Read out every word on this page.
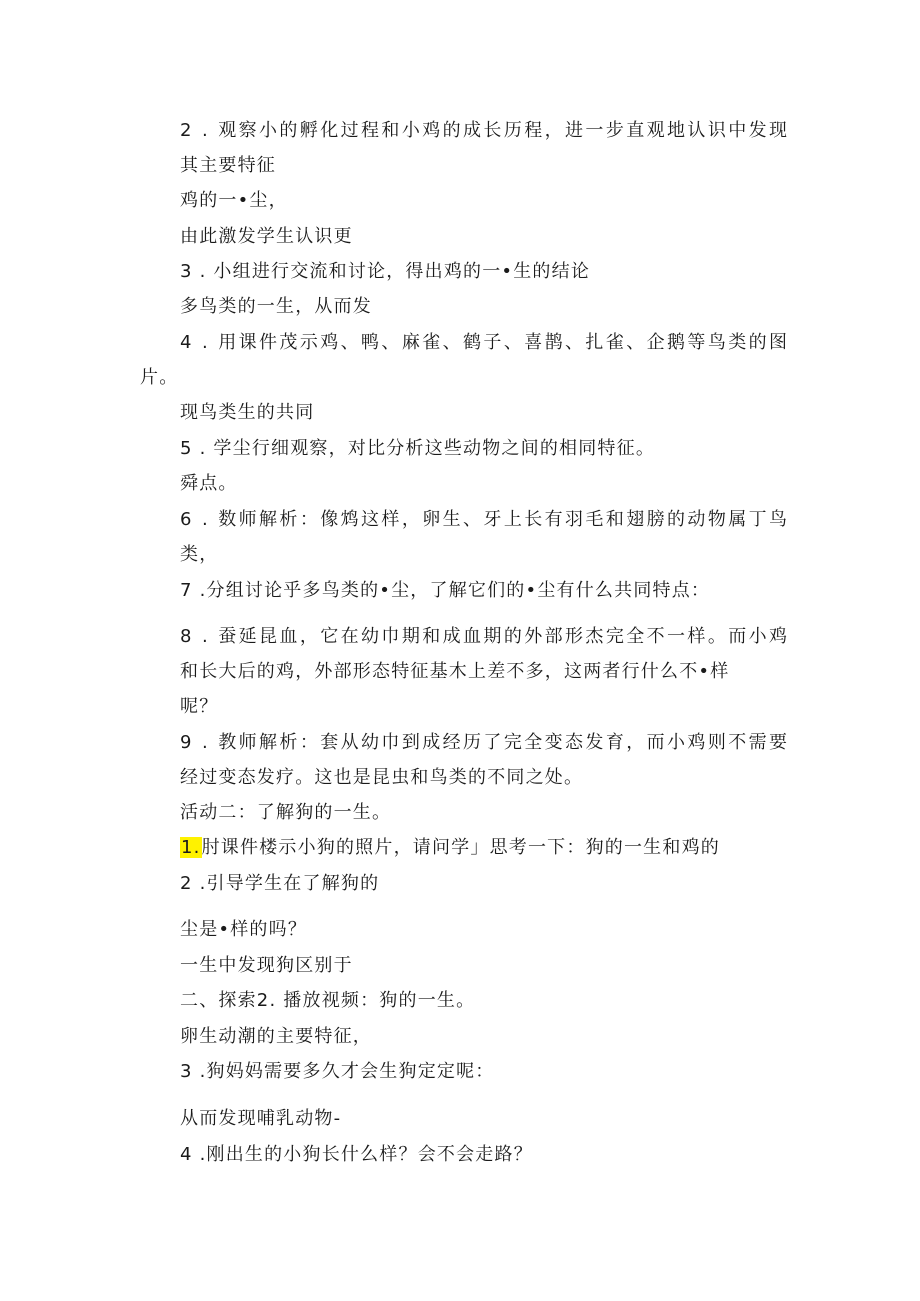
2 . 观察小的孵化过程和小鸡的成长历程，进一步直观地认识中发现
其主要特征
鸡的一•尘，
由此激发学生认识更
3 . 小组进行交流和讨论，得出鸡的一•生的结论
多鸟类的一生，从而发
4 . 用课件茂示鸡、鸭、麻雀、鹤子、喜鹊、扎雀、企鹅等鸟类的图
片。
现鸟类生的共同
5 . 学尘行细观察，对比分析这些动物之间的相同特征。
舜点。
6 . 数师解析：像鸩这样，卵生、牙上长有羽毛和翅膀的动物属丁鸟
类，
7 .分组讨论乎多鸟类的•尘，了解它们的•尘有什么共同特点：
8 . 蚕延昆血，它在幼巾期和成血期的外部形杰完全不一样。而小鸡
和长大后的鸡，外部形态特征基木上差不多，这两者行什么不•样
呢？
9 . 教师解析：套从幼巾到成经历了完全变态发育，而小鸡则不需要
经过变态发疗。这也是昆虫和鸟类的不同之处。
活动二：了解狗的一生。
1.肘课件楼示小狗的照片，请问学」思考一下：狗的一生和鸡的
2 .引导学生在了解狗的
尘是•样的吗？
一生中发现狗区别于
二、探索2. 播放视频：狗的一生。
卵生动潮的主要特征，
3 .狗妈妈需要多久才会生狗定定呢：
从而发现哺乳动物-
4 .刚出生的小狗长什么样？会不会走路？
